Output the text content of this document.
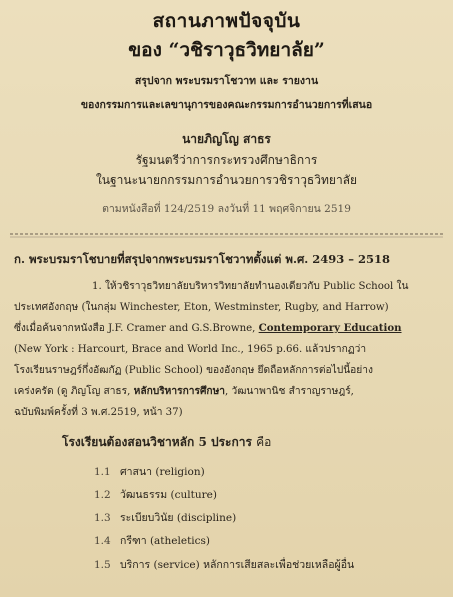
สถานภาพปัจจุบัน
ของ “วชิราวุธวิทยาลัย”
สรุปจาก พระบรมราโชวาท และ รายงาน
ของกรรมการและเลขานุการของคณะกรรมการอำนวยการที่เสนอ
นายภิญโญ สาธร
รัฐมนตรีว่าการกระทรวงศึกษาธิการ
ในฐานะนายกกรรมการอำนวยการวชิราวุธวิทยาลัย
ตามหนังสือที่ 124/2519 ลงวันที่ 11 พฤศจิกายน 2519
ก. พระบรมราโชบายที่สรุปจากพระบรมราโชวาทตั้งแต่ พ.ศ. 2493 – 2518
1. ให้วชิราวุธวิทยาลัยบริหารวิทยาลัยทำนองเดียวกับ Public School ใน
ประเทศอังกฤษ (ในกลุ่ม Winchester, Eton, Westminster, Rugby, and Harrow)
ซึ่งเมื่อค้นจากหนังสือ J.F. Cramer and G.S.Browne, Contemporary Education
(New York : Harcourt, Brace and World Inc., 1965 p.66. แล้วปรากฏว่า
โรงเรียนราษฎร์กึ่งอัฒกัฏ (Public School) ของอังกฤษ ยึดถือหลักการต่อไปนี้อย่าง
เคร่งครัด (ดู ภิญโญ สาธร, หลักบริหารการศึกษา, วัฒนาพานิช สำราญราษฎร์,
ฉบับพิมพ์ครั้งที่ 3 พ.ศ.2519, หน้า 37)
โรงเรียนต้องสอนวิชาหลัก 5 ประการ คือ
1.1 ศาสนา (religion)
1.2 วัฒนธรรม (culture)
1.3 ระเบียบวินัย (discipline)
1.4 กรีฑา (atheletics)
1.5 บริการ (service) หลักการเสียสละเพื่อช่วยเหลือผู้อื่น
